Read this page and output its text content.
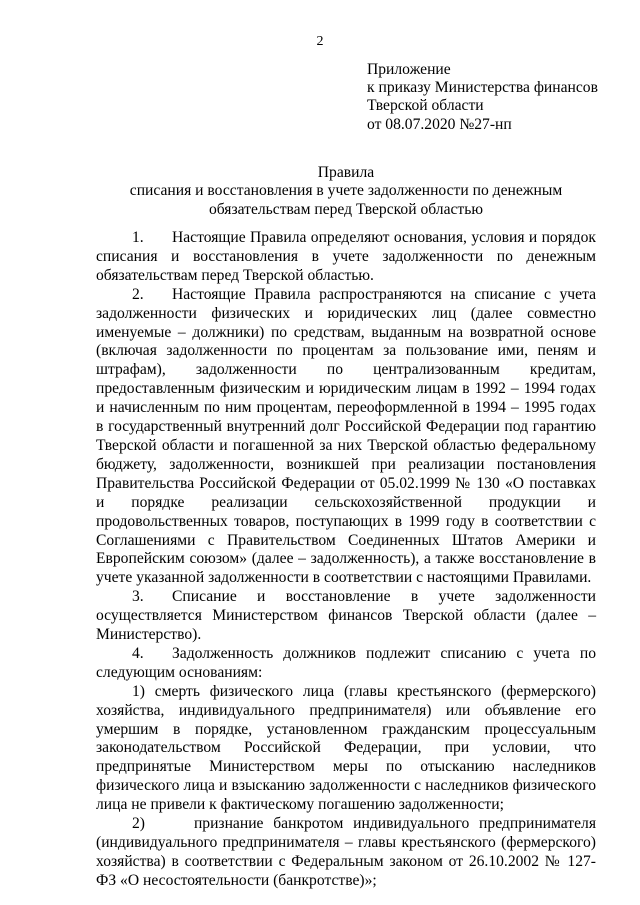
2
Приложение
к приказу Министерства финансов
Тверской области
от 08.07.2020 №27-нп
Правила
списания и восстановления в учете задолженности по денежным
обязательствам перед Тверской областью

1. Настоящие Правила определяют основания, условия и порядок списания и восстановления в учете задолженности по денежным обязательствам перед Тверской областью.

2. Настоящие Правила распространяются на списание с учета задолженности физических и юридических лиц (далее совместно именуемые – должники) по средствам, выданным на возвратной основе (включая задолженности по процентам за пользование ими, пеням и штрафам), задолженности по централизованным кредитам, предоставленным физическим и юридическим лицам в 1992 – 1994 годах и начисленным по ним процентам, переоформленной в 1994 – 1995 годах в государственный внутренний долг Российской Федерации под гарантию Тверской области и погашенной за них Тверской областью федеральному бюджету, задолженности, возникшей при реализации постановления Правительства Российской Федерации от 05.02.1999 № 130 «О поставках и порядке реализации сельскохозяйственной продукции и продовольственных товаров, поступающих в 1999 году в соответствии с Соглашениями с Правительством Соединенных Штатов Америки и Европейским союзом» (далее – задолженность), а также восстановление в учете указанной задолженности в соответствии с настоящими Правилами.

3. Списание и восстановление в учете задолженности осуществляется Министерством финансов Тверской области (далее – Министерство).

4. Задолженность должников подлежит списанию с учета по следующим основаниям:

1) смерть физического лица (главы крестьянского (фермерского) хозяйства, индивидуального предпринимателя) или объявление его умершим в порядке, установленном гражданским процессуальным законодательством Российской Федерации, при условии, что предпринятые Министерством меры по отысканию наследников физического лица и взысканию задолженности с наследников физического лица не привели к фактическому погашению задолженности;

2)	признание банкротом индивидуального предпринимателя (индивидуального предпринимателя – главы крестьянского (фермерского) хозяйства) в соответствии с Федеральным законом от 26.10.2002 № 127-ФЗ «О несостоятельности (банкротстве)»;
